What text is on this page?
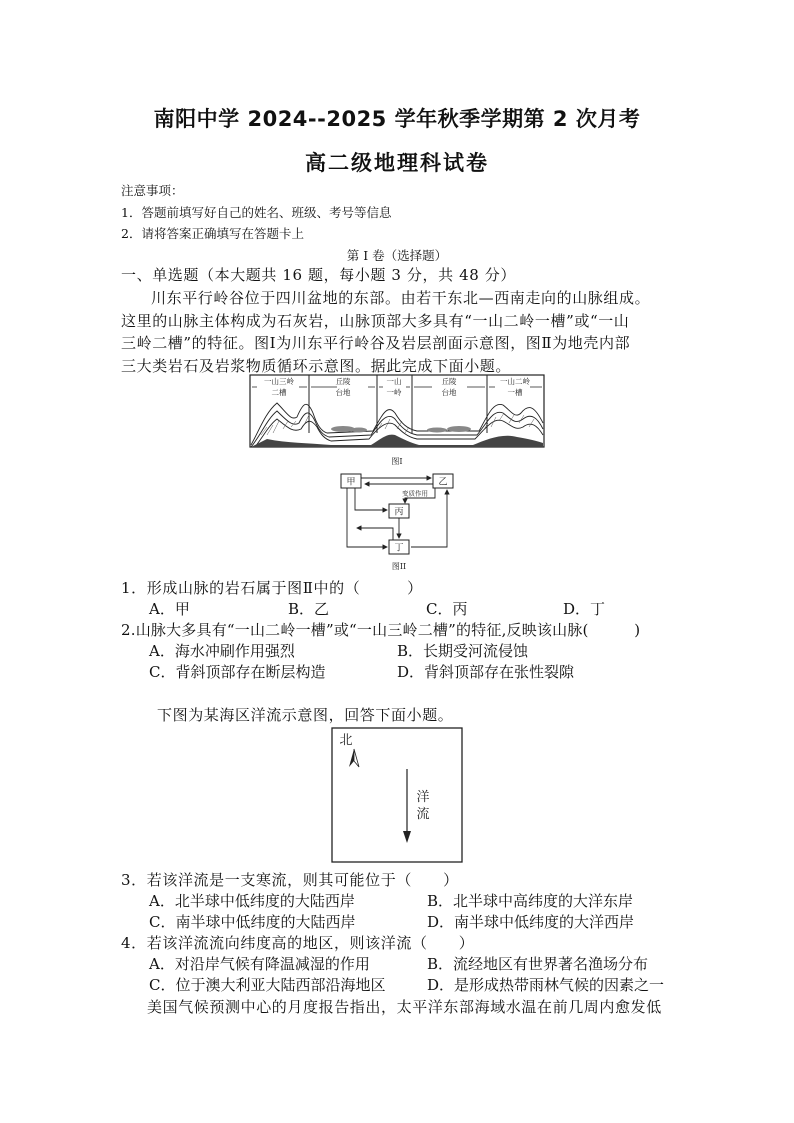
南阳中学 2024--2025 学年秋季学期第 2 次月考
高二级地理科试卷
注意事项：
1．答题前填写好自己的姓名、班级、考号等信息
2．请将答案正确填写在答题卡上
第 I 卷（选择题）
一、单选题（本大题共 16 题，每小题 3 分，共 48 分）
川东平行岭谷位于四川盆地的东部。由若干东北—西南走向的山脉组成。
这里的山脉主体构成为石灰岩，山脉顶部大多具有“一山二岭一槽”或“一山
三岭二槽”的特征。图Ⅰ为川东平行岭谷及岩层剖面示意图，图Ⅱ为地壳内部
三大类岩石及岩浆物质循环示意图。据此完成下面小题。
一山三岭
二槽
丘陵
台地
一山
一岭
丘陵
台地
一山二岭
一槽
图I
甲	乙
丙
丁
变质作用
图II
1．形成山脉的岩石属于图Ⅱ中的（　　　）
A．甲	B．乙	C．丙	D．丁
2.山脉大多具有“一山二岭一槽”或“一山三岭二槽”的特征,反映该山脉(　　　)
A．海水冲刷作用强烈	B．长期受河流侵蚀
C．背斜顶部存在断层构造	D．背斜顶部存在张性裂隙
下图为某海区洋流示意图，回答下面小题。
北
洋
流
3．若该洋流是一支寒流，则其可能位于（　　）
A．北半球中低纬度的大陆西岸	B．北半球中高纬度的大洋东岸
C．南半球中低纬度的大陆西岸	D．南半球中低纬度的大洋西岸
4．若该洋流流向纬度高的地区，则该洋流（　　）
A．对沿岸气候有降温减湿的作用	B．流经地区有世界著名渔场分布
C．位于澳大利亚大陆西部沿海地区	D．是形成热带雨林气候的因素之一
美国气候预测中心的月度报告指出，太平洋东部海域水温在前几周内愈发低
